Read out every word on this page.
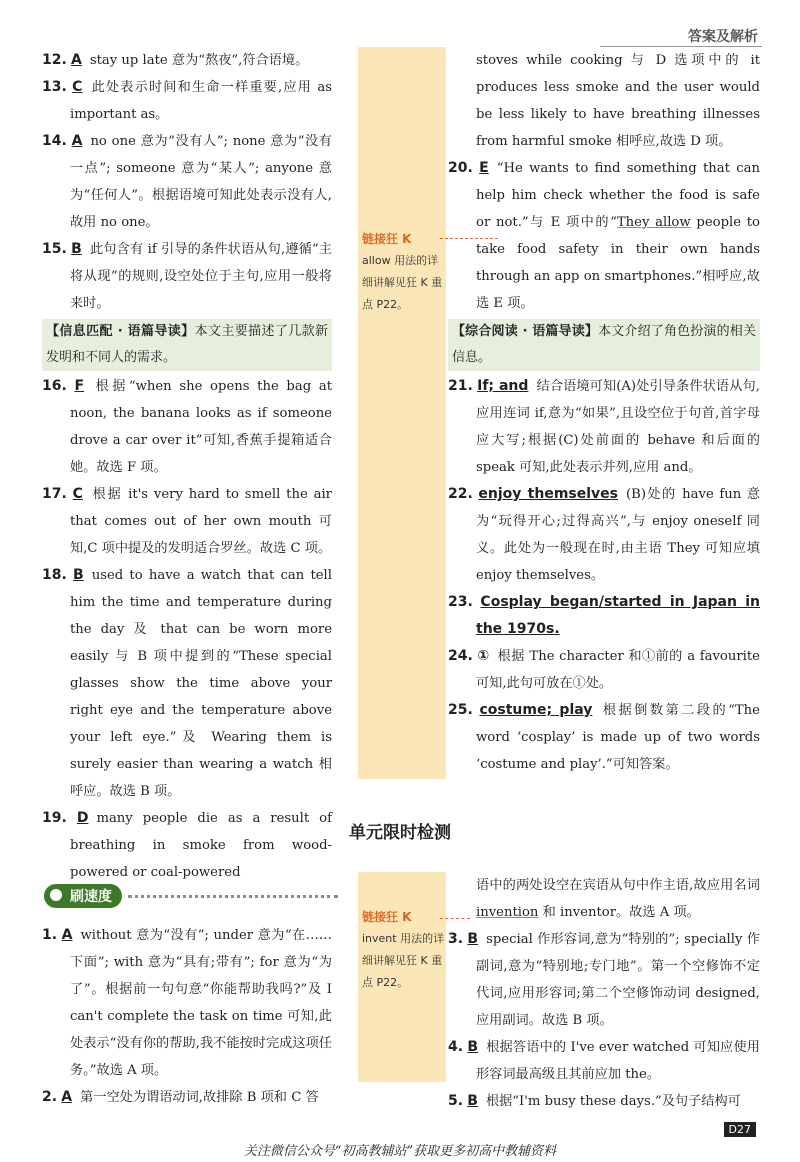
答案及解析
链接狂 K
allow 用法的详细讲解见狂 K 重点 P22。
链接狂 K
invent 用法的详细讲解见狂 K 重点 P22。

12. A stay up late 意为“熬夜”,符合语境。

13. C 此处表示时间和生命一样重要,应用 as important as。

14. A no one 意为“没有人”; none 意为“没有一点”; someone 意为“某人”; anyone 意为“任何人”。根据语境可知此处表示没有人,故用 no one。

15. B 此句含有 if 引导的条件状语从句,遵循“主将从现”的规则,设空处位于主句,应用一般将来时。

【信息匹配 · 语篇导读】本文主要描述了几款新发明和不同人的需求。

16. F 根据“when she opens the bag at noon, the banana looks as if someone drove a car over it”可知,香蕉手提箱适合她。故选 F 项。

17. C 根据 it's very hard to smell the air that comes out of her own mouth 可知,C 项中提及的发明适合罗丝。故选 C 项。

18. B used to have a watch that can tell him the time and temperature during the day 及 that can be worn more easily 与 B 项中提到的“These special glasses show the time above your right eye and the temperature above your left eye.”及 Wearing them is surely easier than wearing a watch 相呼应。故选 B 项。

19. D many people die as a result of breathing in smoke from wood-powered or coal-powered

stoves while cooking 与 D 选项中的 it produces less smoke and the user would be less likely to have breathing illnesses from harmful smoke 相呼应,故选 D 项。

20. E “He wants to find something that can help him check whether the food is safe or not.”与 E 项中的“They allow people to take food safety in their own hands through an app on smartphones.”相呼应,故选 E 项。

【综合阅读 · 语篇导读】本文介绍了角色扮演的相关信息。

21. If; and 结合语境可知(A)处引导条件状语从句,应用连词 if,意为“如果”,且设空位于句首,首字母应大写;根据(C)处前面的 behave 和后面的 speak 可知,此处表示并列,应用 and。

22. enjoy themselves (B)处的 have fun 意为“玩得开心;过得高兴”,与 enjoy oneself 同义。此处为一般现在时,由主语 They 可知应填 enjoy themselves。

23. Cosplay began/started in Japan in the 1970s.

24. ① 根据 The character 和①前的 a favourite 可知,此句可放在①处。

25. costume; play 根据倒数第二段的“The word ‘cosplay’ is made up of two words ‘costume and play’.”可知答案。

单元限时检测
刷速度

1. A without 意为“没有”; under 意为“在……下面”; with 意为“具有;带有”; for 意为“为了”。根据前一句句意“你能帮助我吗?”及 I can't complete the task on time 可知,此处表示“没有你的帮助,我不能按时完成这项任务。”故选 A 项。

2. A 第一空处为谓语动词,故排除 B 项和 C 答

语中的两处设空在宾语从句中作主语,故应用名词invention 和 inventor。故选 A 项。

3. B special 作形容词,意为“特别的”; specially 作副词,意为“特别地;专门地”。第一个空修饰不定代词,应用形容词;第二个空修饰动词 designed,应用副词。故选 B 项。

4. B 根据答语中的 I've ever watched 可知应使用形容词最高级且其前应加 the。

5. B 根据“I'm busy these days.”及句子结构可

D27
关注微信公众号“初高教辅站”获取更多初高中教辅资料
